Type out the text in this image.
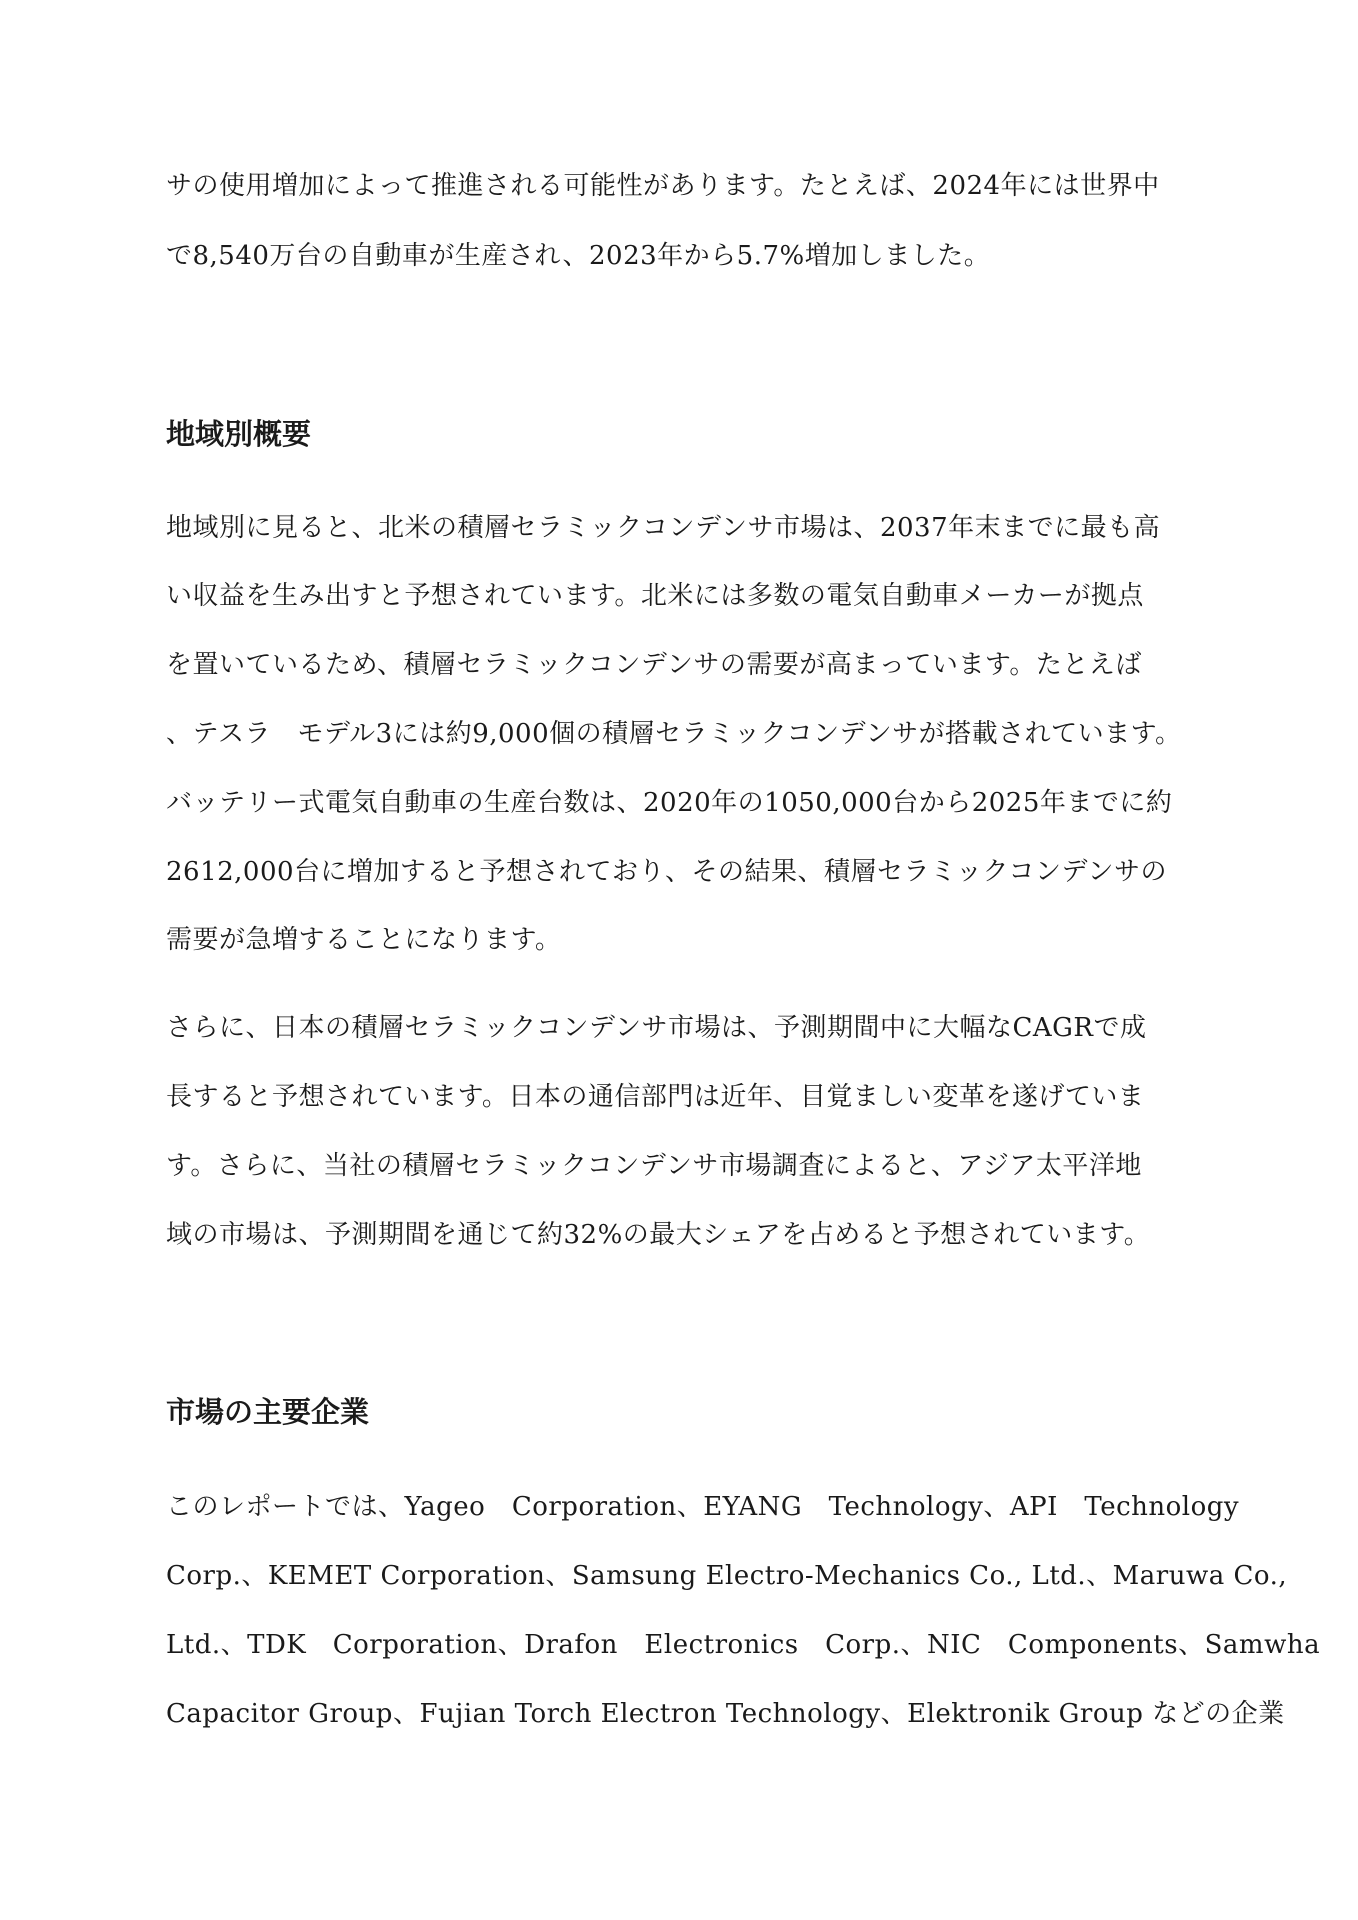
サの使用増加によって推進される可能性があります。たとえば、2024年には世界中
で8,540万台の自動車が生産され、2023年から5.7%増加しました。
地域別概要
地域別に見ると、北米の積層セラミックコンデンサ市場は、2037年末までに最も高
い収益を生み出すと予想されています。北米には多数の電気自動車メーカーが拠点
を置いているため、積層セラミックコンデンサの需要が高まっています。たとえば
、テスラ　モデル3には約9,000個の積層セラミックコンデンサが搭載されています。
バッテリー式電気自動車の生産台数は、2020年の1050,000台から2025年までに約
2612,000台に増加すると予想されており、その結果、積層セラミックコンデンサの
需要が急増することになります。
さらに、日本の積層セラミックコンデンサ市場は、予測期間中に大幅なCAGRで成
長すると予想されています。日本の通信部門は近年、目覚ましい変革を遂げていま
す。さらに、当社の積層セラミックコンデンサ市場調査によると、アジア太平洋地
域の市場は、予測期間を通じて約32%の最大シェアを占めると予想されています。
市場の主要企業
このレポートでは、Yageo　Corporation、EYANG　Technology、API　Technology
Corp.、KEMET Corporation、Samsung Electro-Mechanics Co., Ltd.、Maruwa Co.,
Ltd.、TDK　Corporation、Drafon　Electronics　Corp.、NIC　Components、Samwha
Capacitor Group、Fujian Torch Electron Technology、Elektronik Group などの企業
